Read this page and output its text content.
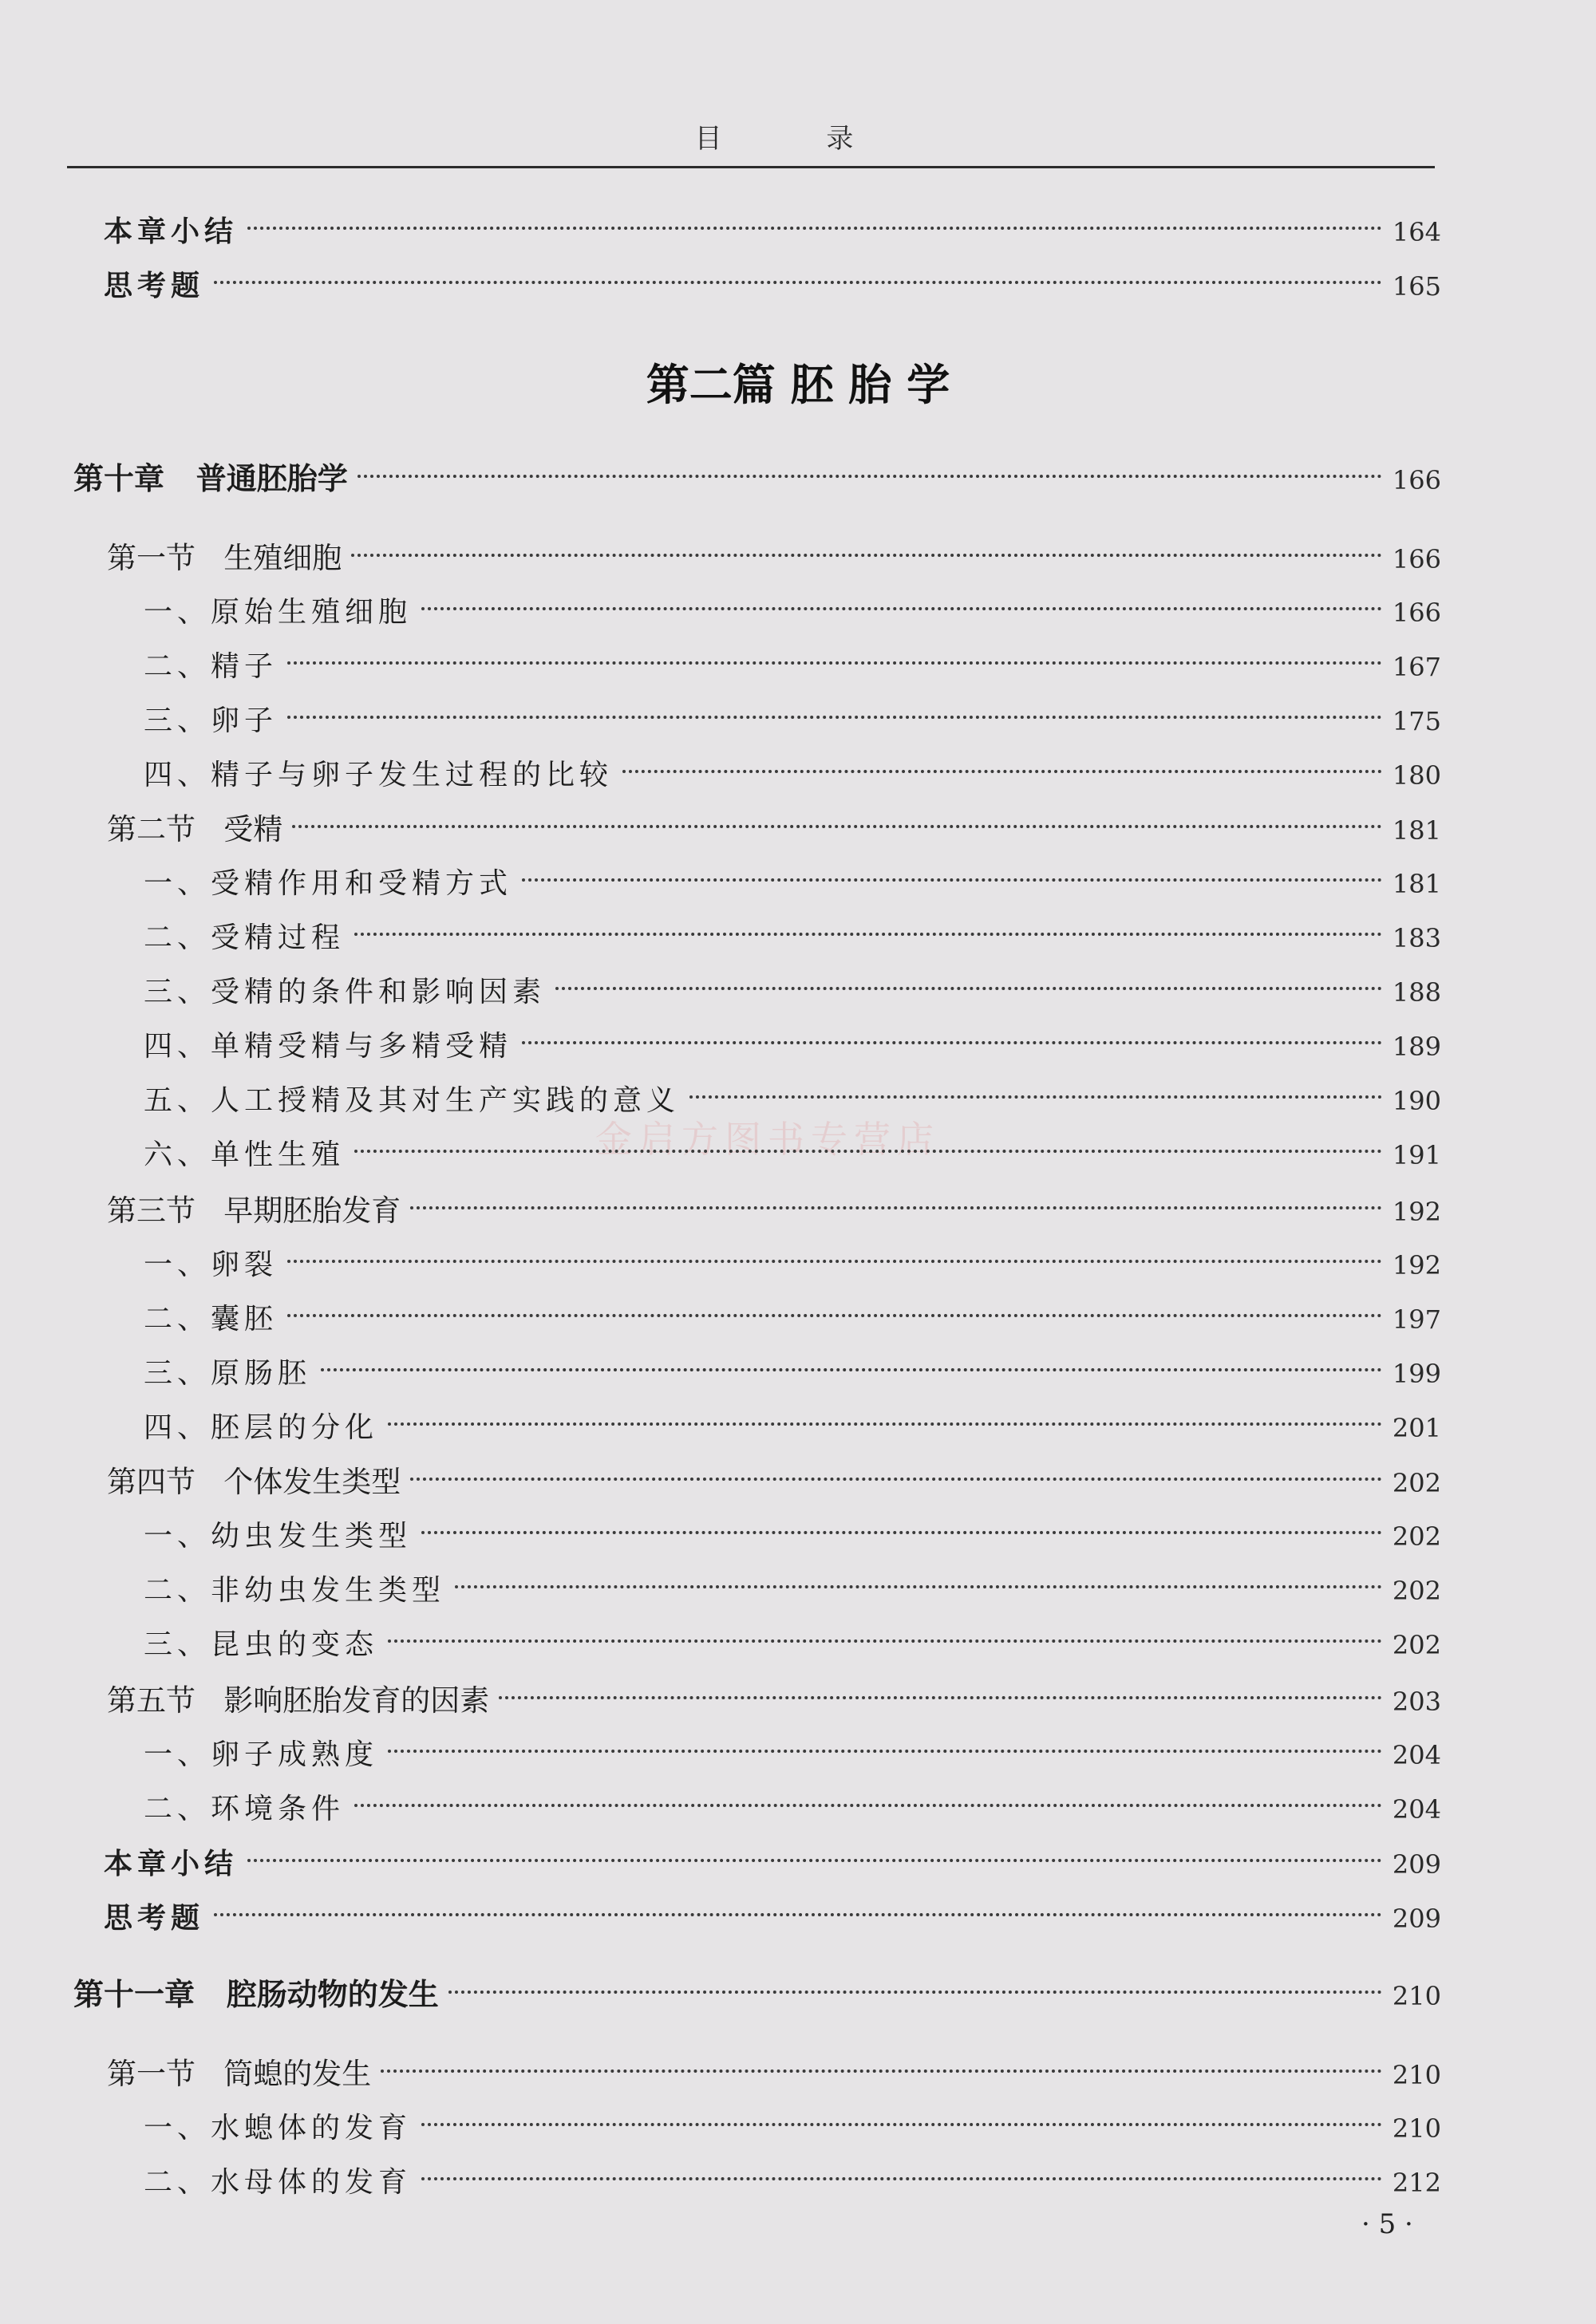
目 录
金启方图书专营店
本章小结	164
思考题	165
第二篇 胚 胎 学
第十章   普通胚胎学	166
第一节   生殖细胞	166
一、原始生殖细胞	166
二、精子	167
三、卵子	175
四、精子与卵子发生过程的比较	180
第二节   受精	181
一、受精作用和受精方式	181
二、受精过程	183
三、受精的条件和影响因素	188
四、单精受精与多精受精	189
五、人工授精及其对生产实践的意义	190
六、单性生殖	191
第三节   早期胚胎发育	192
一、卵裂	192
二、囊胚	197
三、原肠胚	199
四、胚层的分化	201
第四节   个体发生类型	202
一、幼虫发生类型	202
二、非幼虫发生类型	202
三、昆虫的变态	202
第五节   影响胚胎发育的因素	203
一、卵子成熟度	204
二、环境条件	204
本章小结	209
思考题	209
第十一章   腔肠动物的发生	210
第一节   筒螅的发生	210
一、水螅体的发育	210
二、水母体的发育	212
· 5 ·
